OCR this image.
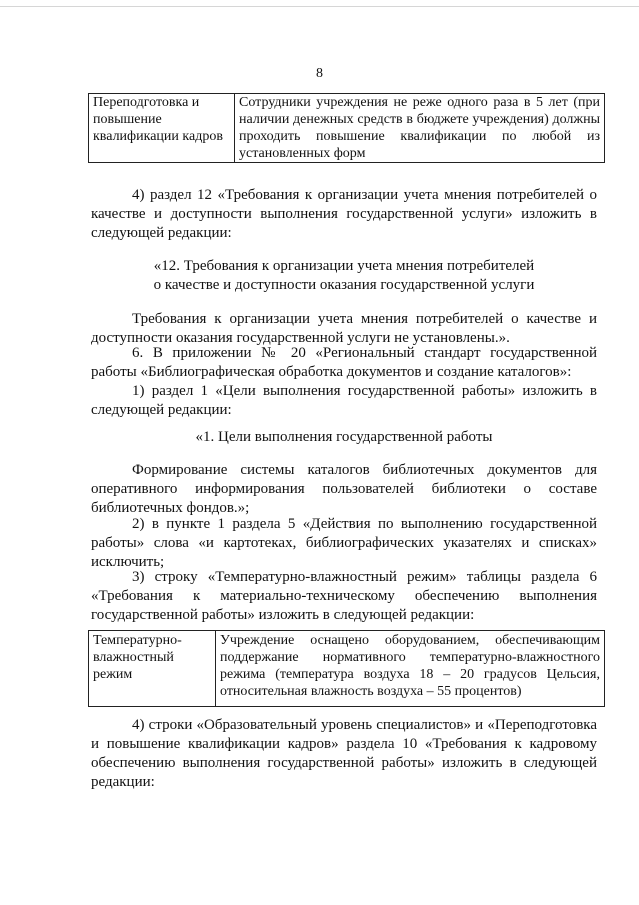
8
Переподготовка и повышение квалификации кадров	Сотрудники учреждения не реже одного раза в 5 лет (при наличии денежных средств в бюджете учреждения) должны проходить повышение квалификации по любой из установленных форм

4) раздел 12 «Требования к организации учета мнения потребителей о качестве и доступности выполнения государственной услуги» изложить в следующей редакции:

«12. Требования к организации учета мнения потребителей

о качестве и доступности оказания государственной услуги

Требования к организации учета мнения потребителей о качестве и доступности оказания государственной услуги не установлены.».

6. В приложении № 20 «Региональный стандарт государственной работы «Библиографическая обработка документов и создание каталогов»:

1) раздел 1 «Цели выполнения государственной работы» изложить в следующей редакции:

«1. Цели выполнения государственной работы

Формирование системы каталогов библиотечных документов для оперативного информирования пользователей библиотеки о составе библиотечных фондов.»;

2) в пункте 1 раздела 5 «Действия по выполнению государственной работы» слова «и картотеках, библиографических указателях и списках» исключить;

3) строку «Температурно-влажностный режим» таблицы раздела 6 «Требования к материально-техническому обеспечению выполнения государственной работы» изложить в следующей редакции:

Температурно-влажностный режим	Учреждение оснащено оборудованием, обеспечивающим поддержание нормативного температурно-влажностного режима (температура воздуха 18 – 20 градусов Цельсия, относительная влажность воздуха – 55 процентов)

4) строки «Образовательный уровень специалистов» и «Переподготовка и повышение квалификации кадров» раздела 10 «Требования к кадровому обеспечению выполнения государственной работы» изложить в следующей редакции:
